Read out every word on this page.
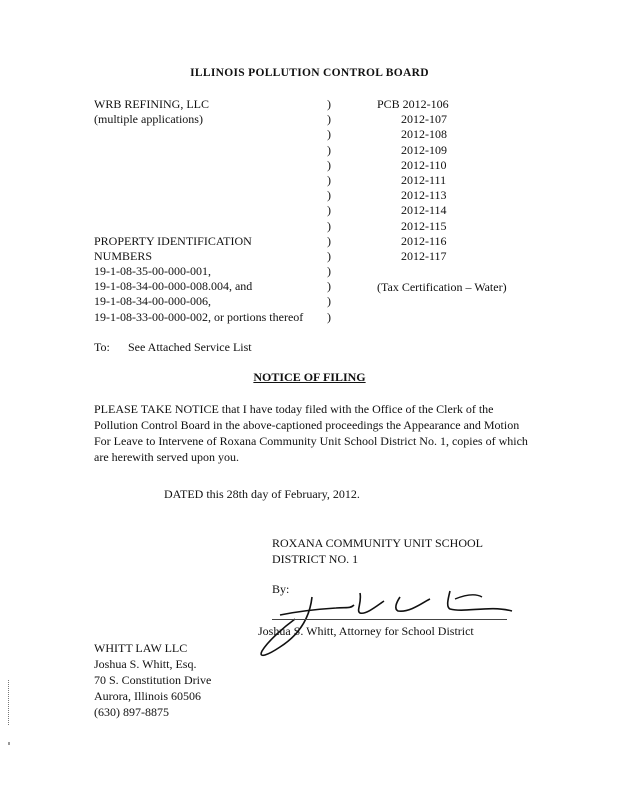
ILLINOIS POLLUTION CONTROL BOARD
WRB REFINING, LLC
(multiple applications)
PROPERTY IDENTIFICATION
NUMBERS
19-1-08-35-00-000-001,
19-1-08-34-00-000-008.004, and
19-1-08-34-00-000-006,
19-1-08-33-00-000-002, or portions thereof
)
)
)
)
)
)
)
)
)
)
)
)
)
)
)
PCB 2012-106
2012-107
2012-108
2012-109
2012-110
2012-111
2012-113
2012-114
2012-115
2012-116
2012-117
(Tax Certification – Water)
To: See Attached Service List
NOTICE OF FILING
PLEASE TAKE NOTICE that I have today filed with the Office of the Clerk of the Pollution Control Board in the above-captioned proceedings the Appearance and Motion For Leave to Intervene of Roxana Community Unit School District No. 1, copies of which are herewith served upon you.
DATED this 28th day of February, 2012.
ROXANA COMMUNITY UNIT SCHOOL
DISTRICT NO. 1
By:
Joshua S. Whitt, Attorney for School District
WHITT LAW LLC
Joshua S. Whitt, Esq.
70 S. Constitution Drive
Aurora, Illinois 60506
(630) 897-8875
